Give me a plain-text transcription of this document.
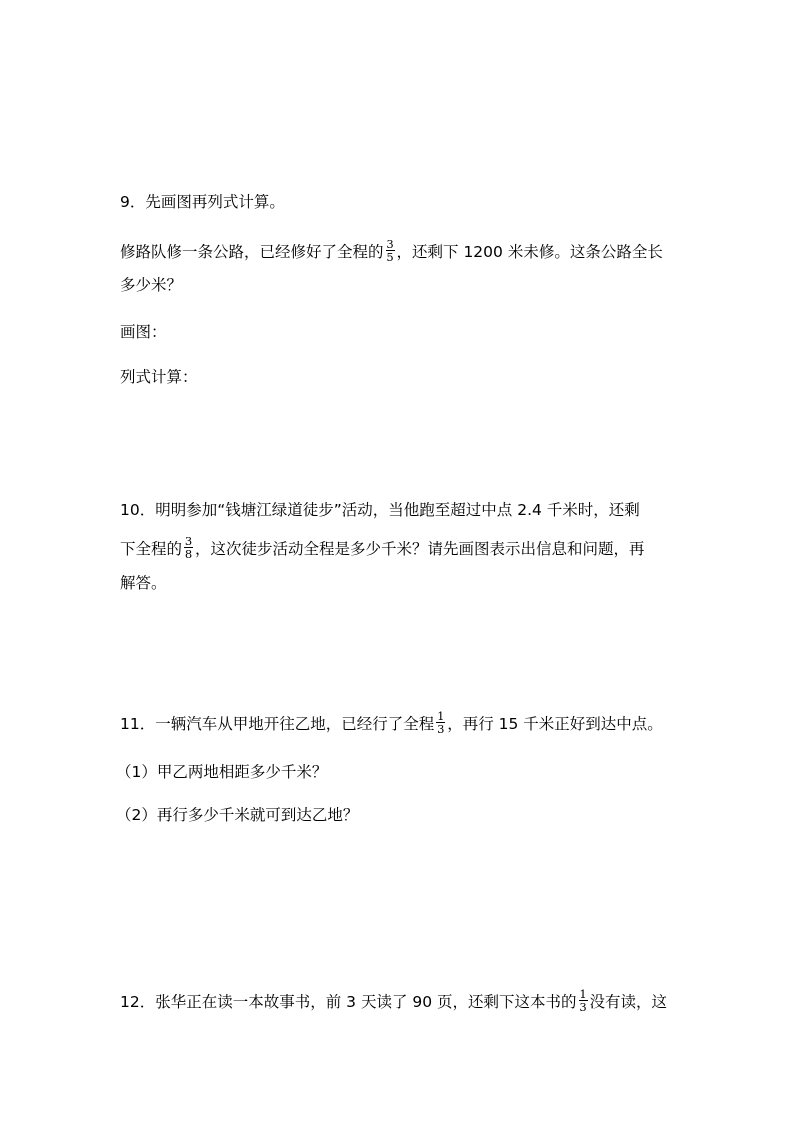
9．先画图再列式计算。
修路队修一条公路，已经修好了全程的 $\frac{3}{5}$ ，还剩下 1200 米未修。这条公路全长
多少米？
画图：
列式计算：
10．明明参加“钱塘江绿道徒步”活动，当他跑至超过中点 2.4 千米时，还剩
下全程的 $\frac{3}{8}$ ，这次徒步活动全程是多少千米？请先画图表示出信息和问题，再
解答。
11．一辆汽车从甲地开往乙地，已经行了全程 $\frac{1}{3}$ ，再行 15 千米正好到达中点。
（1）甲乙两地相距多少千米？
（2）再行多少千米就可到达乙地？
12．张华正在读一本故事书，前 3 天读了 90 页，还剩下这本书的 $\frac{1}{3}$ 没有读，这
